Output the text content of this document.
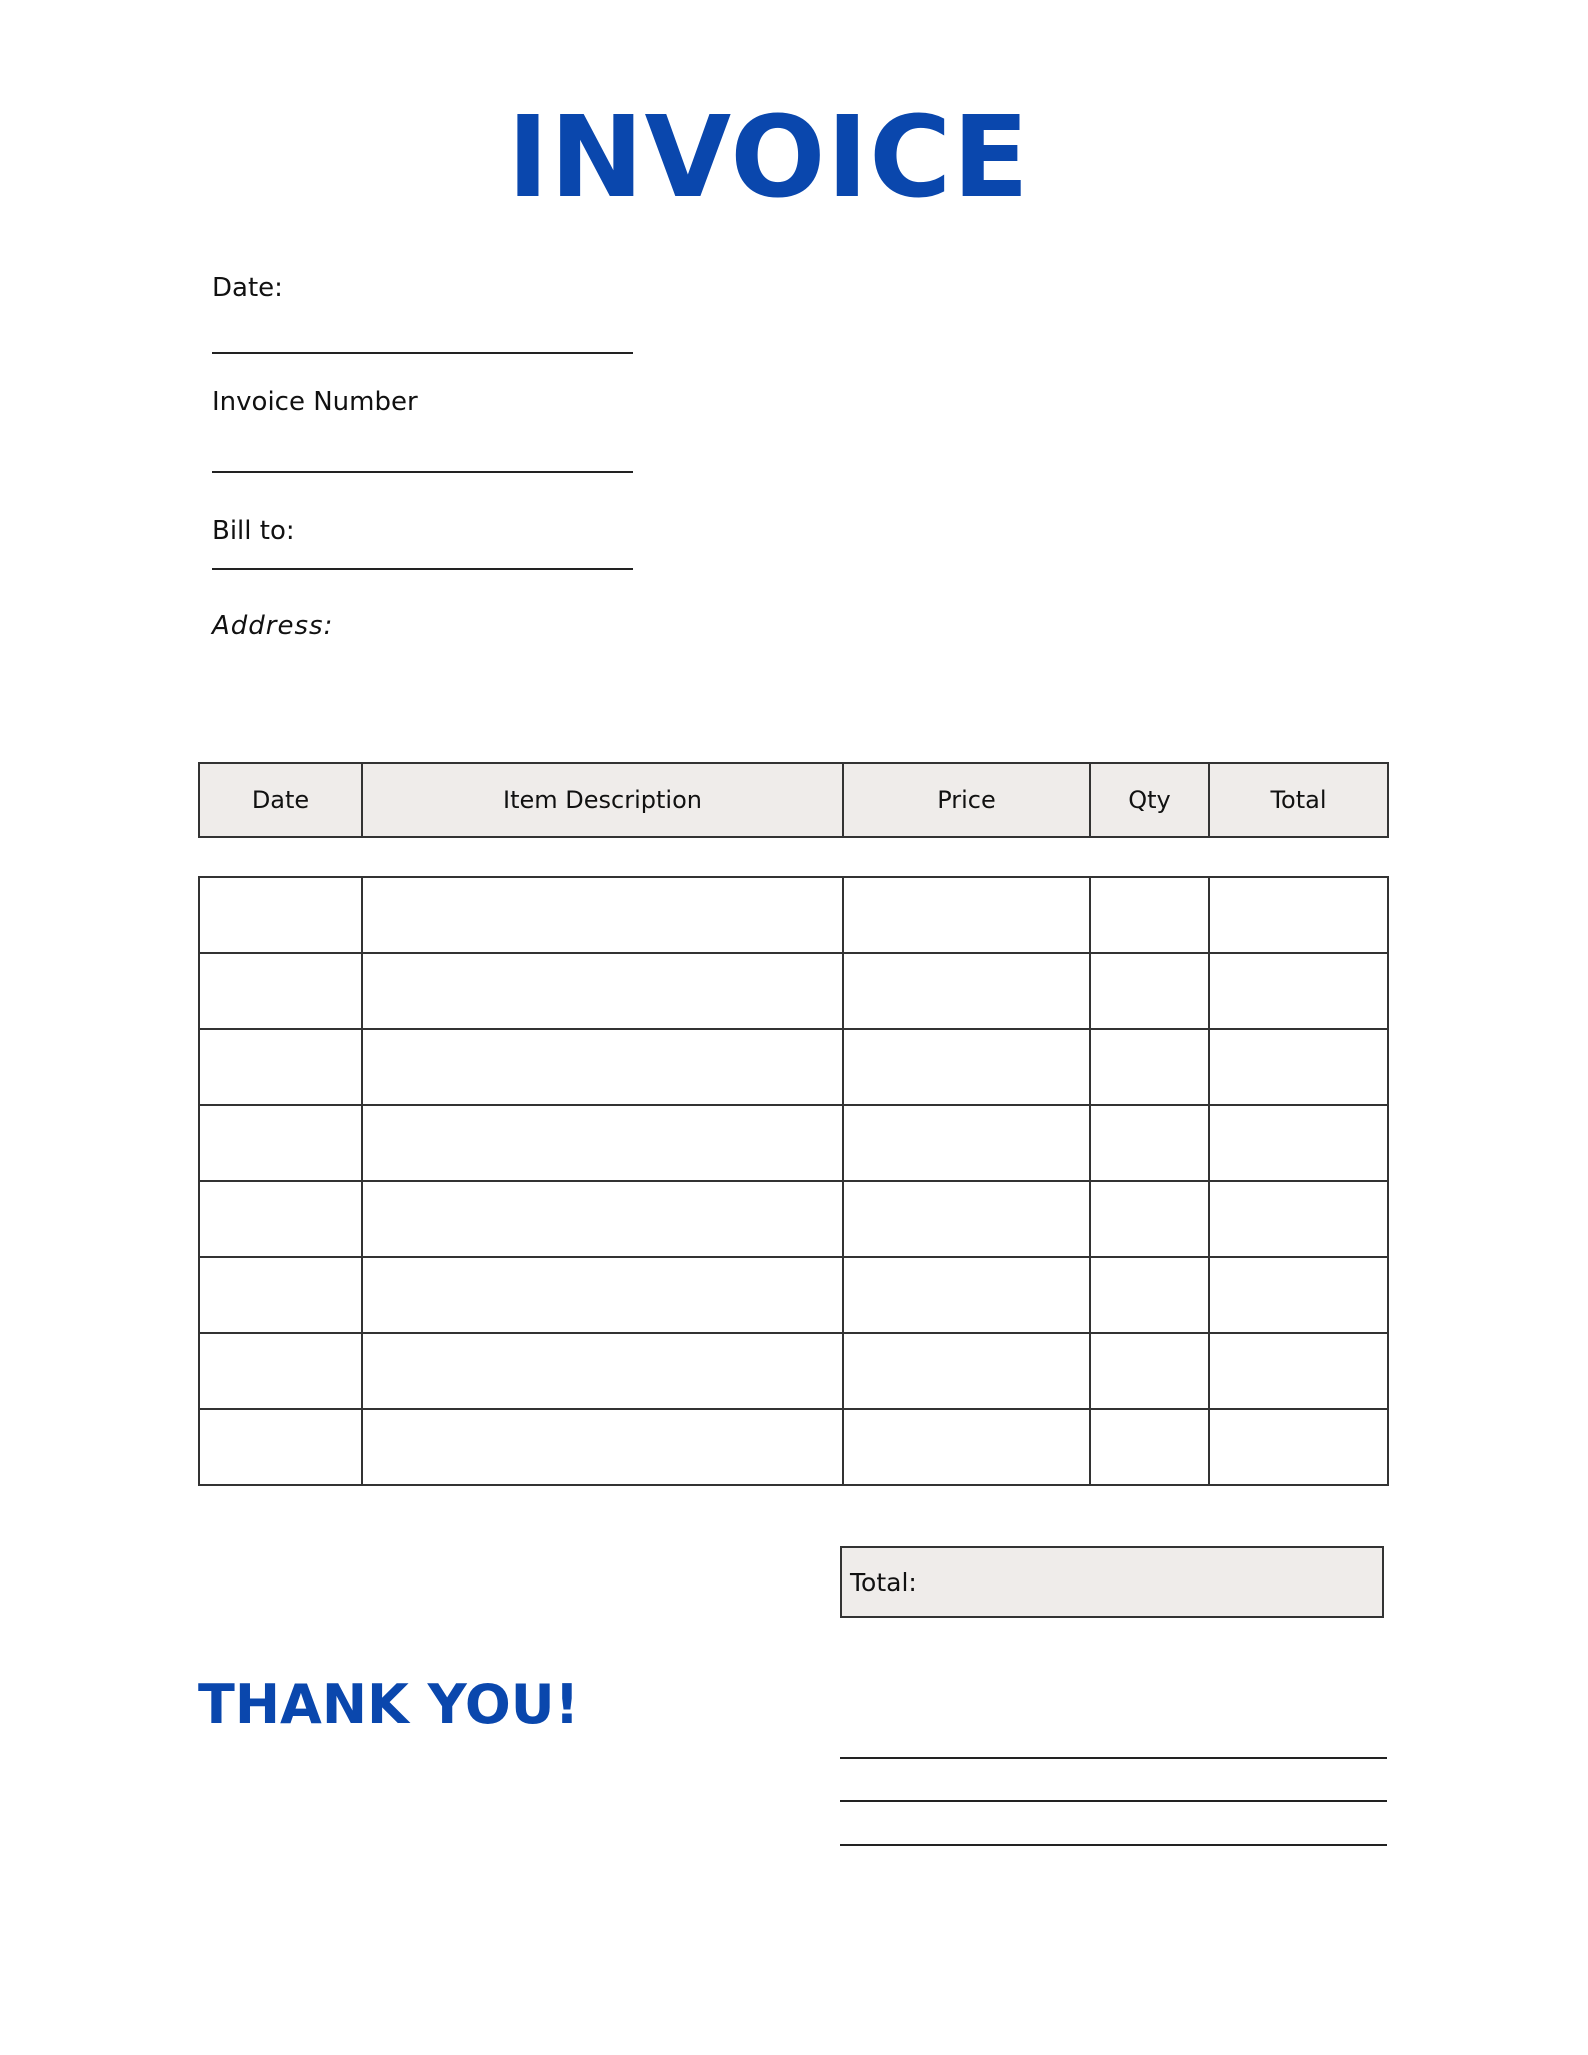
INVOICE
Date:
Invoice Number
Bill to:
Address:
Date	Item Description	Price	Qty	Total

Total:
THANK YOU!
